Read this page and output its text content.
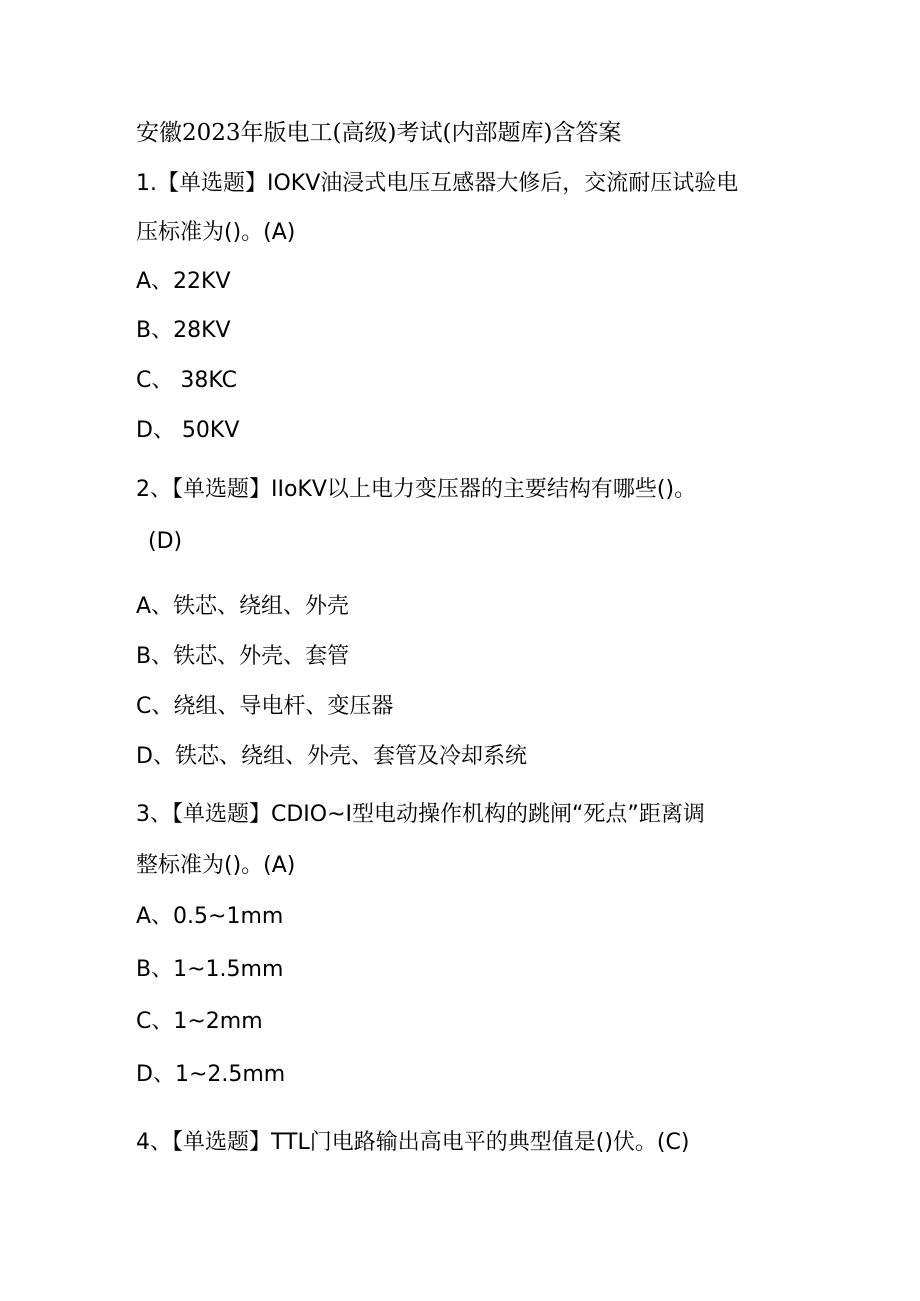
安徽2023年版电工(高级)考试(内部题库)含答案
1.【单选题】IOKV油浸式电压互感器大修后，交流耐压试验电
压标准为()。(A)
A、22KV
B、28KV
C、 38KC
D、 50KV
2、【单选题】IIoKV以上电力变压器的主要结构有哪些()。
(D)
A、铁芯、绕组、外壳
B、铁芯、外壳、套管
C、绕组、导电杆、变压器
D、铁芯、绕组、外壳、套管及冷却系统
3、【单选题】CDIO~I型电动操作机构的跳闸“死点”距离调
整标准为()。(A)
A、0.5~1mm
B、1~1.5mm
C、1~2mm
D、1~2.5mm
4、【单选题】TTL门电路输出高电平的典型值是()伏。(C)
